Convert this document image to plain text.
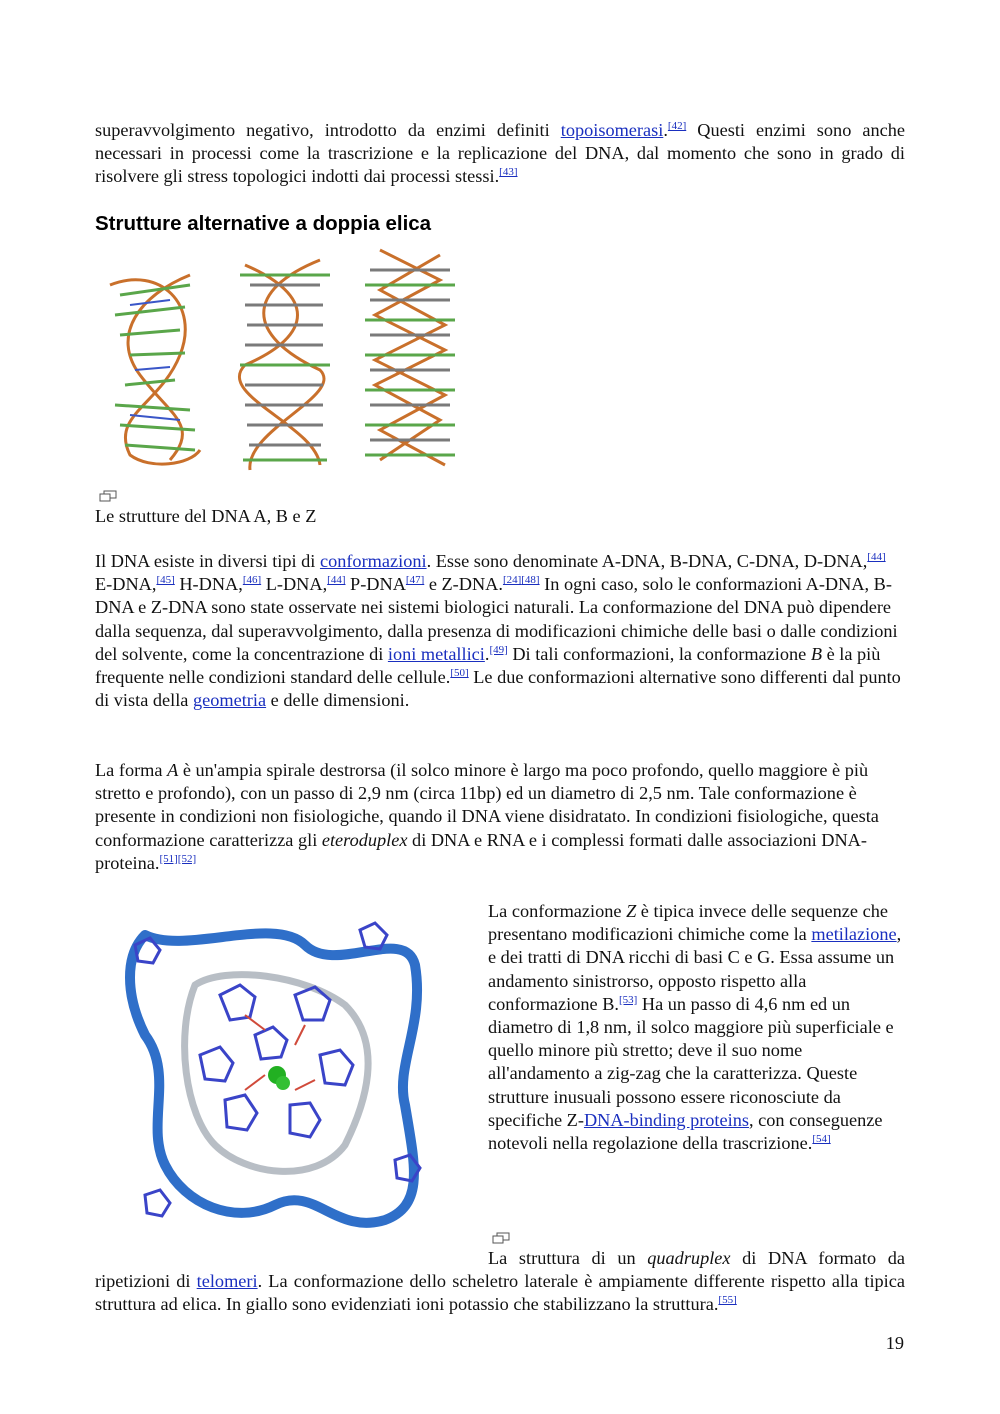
superavvolgimento negativo, introdotto da enzimi definiti topoisomerasi.[42] Questi enzimi sono anche necessari in processi come la trascrizione e la replicazione del DNA, dal momento che sono in grado di risolvere gli stress topologici indotti dai processi stessi.[43]

Strutture alternative a doppia elica

Le strutture del DNA A, B e Z

Il DNA esiste in diversi tipi di conformazioni. Esse sono denominate A-DNA, B-DNA, C-DNA, D-DNA,[44] E-DNA,[45] H-DNA,[46] L-DNA,[44] P-DNA[47] e Z-DNA.[24][48] In ogni caso, solo le conformazioni A-DNA, B-DNA e Z-DNA sono state osservate nei sistemi biologici naturali. La conformazione del DNA può dipendere dalla sequenza, dal superavvolgimento, dalla presenza di modificazioni chimiche delle basi o dalle condizioni del solvente, come la concentrazione di ioni metallici.[49] Di tali conformazioni, la conformazione B è la più frequente nelle condizioni standard delle cellule.[50] Le due conformazioni alternative sono differenti dal punto di vista della geometria e delle dimensioni.

La forma A è un'ampia spirale destrorsa (il solco minore è largo ma poco profondo, quello maggiore è più stretto e profondo), con un passo di 2,9 nm (circa 11bp) ed un diametro di 2,5 nm. Tale conformazione è presente in condizioni non fisiologiche, quando il DNA viene disidratato. In condizioni fisiologiche, questa conformazione caratterizza gli eteroduplex di DNA e RNA e i complessi formati dalle associazioni DNA-proteina.[51][52]

La conformazione Z è tipica invece delle sequenze che presentano modificazioni chimiche come la metilazione, e dei tratti di DNA ricchi di basi C e G. Essa assume un andamento sinistrorso, opposto rispetto alla conformazione B.[53] Ha un passo di 4,6 nm ed un diametro di 1,8 nm, il solco maggiore più superficiale e quello minore più stretto; deve il suo nome all'andamento a zig-zag che la caratterizza. Queste strutture inusuali possono essere riconosciute da specifiche Z-DNA-binding proteins, con conseguenze notevoli nella regolazione della trascrizione.[54]

La struttura di un quadruplex di DNA formato da ripetizioni di telomeri. La conformazione dello scheletro laterale è ampiamente differente rispetto alla tipica struttura ad elica. In giallo sono evidenziati ioni potassio che stabilizzano la struttura.[55]

19
